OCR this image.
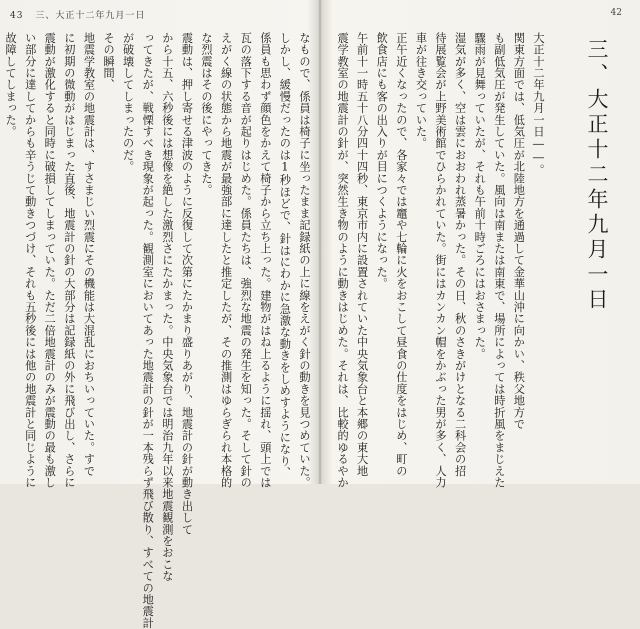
43 三、大正十二年九月一日	42
なもので、係員は椅子に坐ったまま記録紙の上に線をえがく針の動きを見つめていた。
しかし、緩慢だったのは1秒ほどで、針はにわかに急激な動きをしめすようになり、
係員も思わず顔色をかえて椅子から立ち上った。建物がはね上るように揺れ、頭上では
瓦の落下する音が起りはじめた。係員たちは、強烈な地震の発生を知った。そして針の
えがく線の状態から地震が最強部に達したと推定したが、その推測はゆらぎられ本格的
な烈震はその後にやってきた。
震動は、押し寄せる津波のように反復して次第にたかまり盛りあがり、地震計の針が動き出して
から十五、六秒後には想像を絶した激烈さにたかまった。中央気象台では明治九年以来地震観測をおこな
ってきたが、戦慄すべき現象が起った。観測室においてあった地震計の針が一本残らず飛び散り、すべての地震計
が破壊してしまったのだ。
その瞬間、
地震学教室の地震計は、すさまじい烈震にその機能は大混乱におちいっていた。すで
に初期の微動がはじまった直後、地震計の針の大部分は記録紙の外に飛び出し、さらに
震動が激化すると同時に破損してしまっていた。ただ二倍地震計のみが震動の最も激し
い部分に達してからも辛うじて動きつづけ、それも五秒後には他の地震計と同じように
故障してしまった。	大正十二年九月一日――。
関東方面では、低気圧が北陸地方を通過して金華山沖に向かい、秩父地方で
も副低気圧が発生していた。風向は南または南東で、場所によっては時折風をまじえた
驟雨が見舞っていたが、それも午前十時ごろにはおさまった。
湿気が多く、空は雲におおわれ蒸暑かった。その日、秋のさきがけとなる二科会の招
待展覧会が上野美術館でひらかれていた。街にはカンカン帽をかぶった男が多く、人力
車が往き交っていた。
正午近くなったので、各家々では竈や七輪に火をおこして昼食の仕度をはじめ、町の
飲食店にも客の出入りが目につくようになった。
午前十一時五十八分四十四秒、東京市内に設置されていた中央気象台と本郷の東大地
震学教室の地震計の針が、突然生き物のように動きはじめた。それは、比較的ゆるやか	三、大正十二年九月一日
